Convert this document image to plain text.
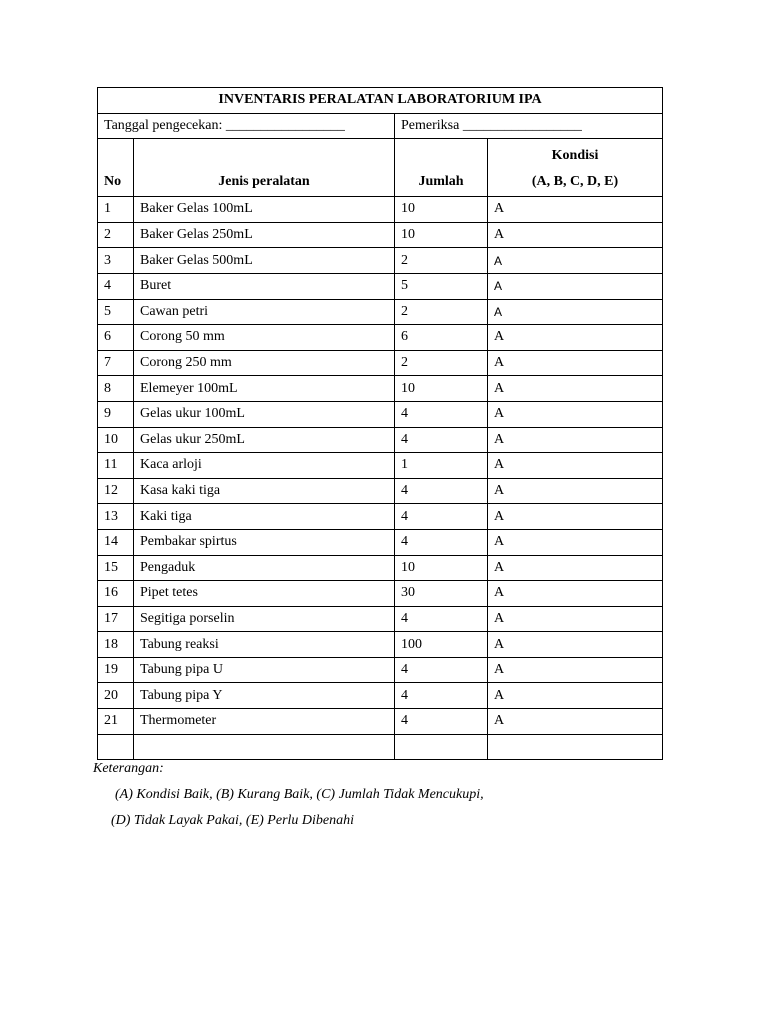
INVENTARIS PERALATAN LABORATORIUM IPA			
Tanggal pengecekan: _________________		Pemeriksa _________________	
No	Jenis peralatan	Jumlah	Kondisi
(A, B, C, D, E)
1	Baker Gelas 100mL	10	A
2	Baker Gelas 250mL	10	A
3	Baker Gelas 500mL	2	A
4	Buret	5	A
5	Cawan petri	2	A
6	Corong 50 mm	6	A
7	Corong 250 mm	2	A
8	Elemeyer 100mL	10	A
9	Gelas ukur 100mL	4	A
10	Gelas ukur 250mL	4	A
11	Kaca arloji	1	A
12	Kasa kaki tiga	4	A
13	Kaki tiga	4	A
14	Pembakar spirtus	4	A
15	Pengaduk	10	A
16	Pipet tetes	30	A
17	Segitiga porselin	4	A
18	Tabung reaksi	100	A
19	Tabung pipa U	4	A
20	Tabung pipa Y	4	A
21	Thermometer	4	A

Keterangan:
(A) Kondisi Baik, (B) Kurang Baik, (C) Jumlah Tidak Mencukupi,
(D) Tidak Layak Pakai, (E) Perlu Dibenahi
